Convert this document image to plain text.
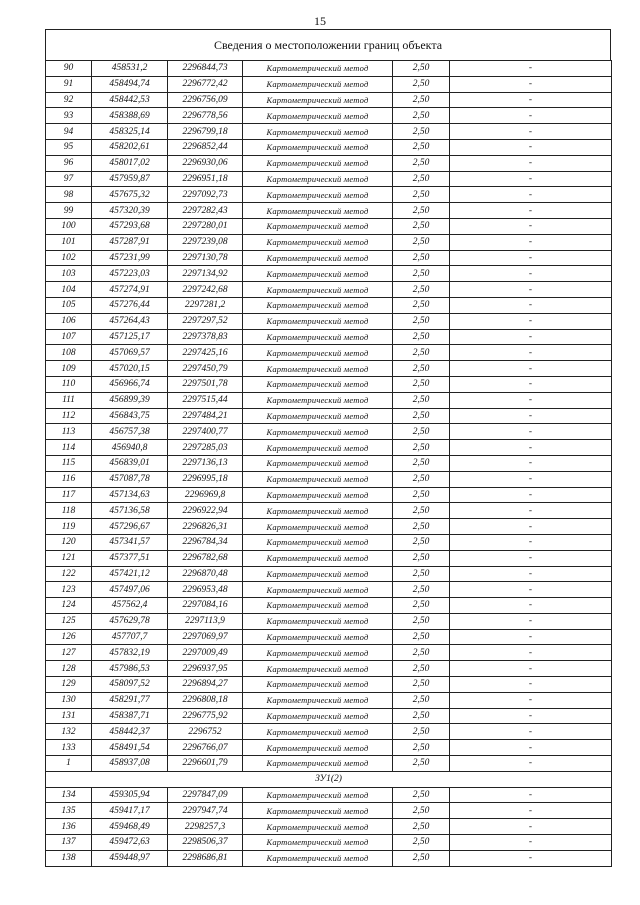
15
Сведения о местоположении границ объекта
90	458531,2	2296844,73	Картометрический метод	2,50	-
91	458494,74	2296772,42	Картометрический метод	2,50	-
92	458442,53	2296756,09	Картометрический метод	2,50	-
93	458388,69	2296778,56	Картометрический метод	2,50	-
94	458325,14	2296799,18	Картометрический метод	2,50	-
95	458202,61	2296852,44	Картометрический метод	2,50	-
96	458017,02	2296930,06	Картометрический метод	2,50	-
97	457959,87	2296951,18	Картометрический метод	2,50	-
98	457675,32	2297092,73	Картометрический метод	2,50	-
99	457320,39	2297282,43	Картометрический метод	2,50	-
100	457293,68	2297280,01	Картометрический метод	2,50	-
101	457287,91	2297239,08	Картометрический метод	2,50	-
102	457231,99	2297130,78	Картометрический метод	2,50	-
103	457223,03	2297134,92	Картометрический метод	2,50	-
104	457274,91	2297242,68	Картометрический метод	2,50	-
105	457276,44	2297281,2	Картометрический метод	2,50	-
106	457264,43	2297297,52	Картометрический метод	2,50	-
107	457125,17	2297378,83	Картометрический метод	2,50	-
108	457069,57	2297425,16	Картометрический метод	2,50	-
109	457020,15	2297450,79	Картометрический метод	2,50	-
110	456966,74	2297501,78	Картометрический метод	2,50	-
111	456899,39	2297515,44	Картометрический метод	2,50	-
112	456843,75	2297484,21	Картометрический метод	2,50	-
113	456757,38	2297400,77	Картометрический метод	2,50	-
114	456940,8	2297285,03	Картометрический метод	2,50	-
115	456839,01	2297136,13	Картометрический метод	2,50	-
116	457087,78	2296995,18	Картометрический метод	2,50	-
117	457134,63	2296969,8	Картометрический метод	2,50	-
118	457136,58	2296922,94	Картометрический метод	2,50	-
119	457296,67	2296826,31	Картометрический метод	2,50	-
120	457341,57	2296784,34	Картометрический метод	2,50	-
121	457377,51	2296782,68	Картометрический метод	2,50	-
122	457421,12	2296870,48	Картометрический метод	2,50	-
123	457497,06	2296953,48	Картометрический метод	2,50	-
124	457562,4	2297084,16	Картометрический метод	2,50	-
125	457629,78	2297113,9	Картометрический метод	2,50	-
126	457707,7	2297069,97	Картометрический метод	2,50	-
127	457832,19	2297009,49	Картометрический метод	2,50	-
128	457986,53	2296937,95	Картометрический метод	2,50	-
129	458097,52	2296894,27	Картометрический метод	2,50	-
130	458291,77	2296808,18	Картометрический метод	2,50	-
131	458387,71	2296775,92	Картометрический метод	2,50	-
132	458442,37	2296752	Картометрический метод	2,50	-
133	458491,54	2296766,07	Картометрический метод	2,50	-
1	458937,08	2296601,79	Картометрический метод	2,50	-
ЗУ1(2)					
134	459305,94	2297847,09	Картометрический метод	2,50	-
135	459417,17	2297947,74	Картометрический метод	2,50	-
136	459468,49	2298257,3	Картометрический метод	2,50	-
137	459472,63	2298506,37	Картометрический метод	2,50	-
138	459448,97	2298686,81	Картометрический метод	2,50	-
